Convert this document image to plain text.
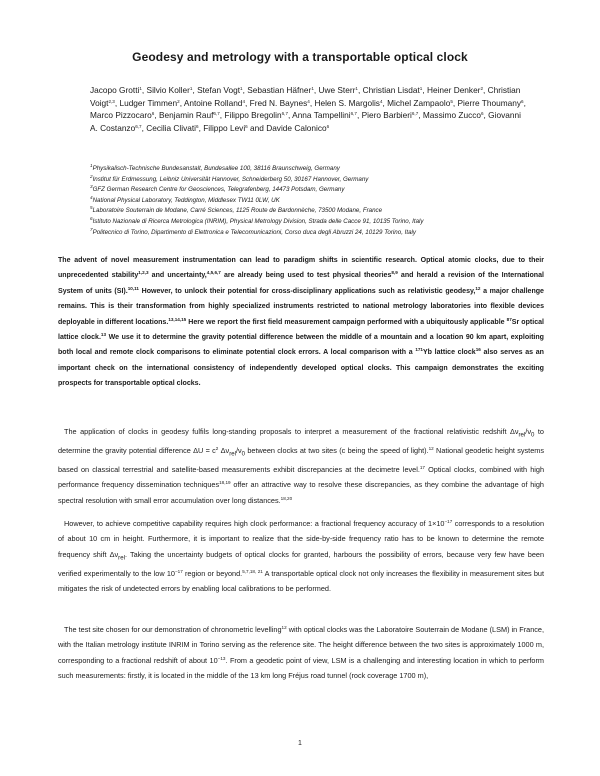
Geodesy and metrology with a transportable optical clock
Jacopo Grotti$^1$, Silvio Koller$^1$, Stefan Vogt$^1$, Sebastian Häfner$^1$, Uwe Sterr$^1$, Christian Lisdat$^1$, Heiner Denker$^2$, Christian Voigt$^{2,3}$, Ludger Timmen$^2$, Antoine Rolland$^4$, Fred N. Baynes$^4$, Helen S. Margolis$^4$, Michel Zampaolo$^5$, Pierre Thoumany$^6$, Marco Pizzocaro$^6$, Benjamin Rauf$^{6,7}$, Filippo Bregolin$^{6,7}$, Anna Tampellini$^{6,7}$, Piero Barbieri$^{6,7}$, Massimo Zucco$^6$, Giovanni A. Costanzo$^{6,7}$, Cecilia Clivati$^6$, Filippo Levi$^6$ and Davide Calonico$^6$
$^1$Physikalisch-Technische Bundesanstalt, Bundesallee 100, 38116 Braunschweig, Germany
$^2$Institut für Erdmessung, Leibniz Universität Hannover, Schneiderberg 50, 30167 Hannover, Germany
$^3$GFZ German Research Centre for Geosciences, Telegrafenberg, 14473 Potsdam, Germany
$^4$National Physical Laboratory, Teddington, Middlesex TW11 0LW, UK
$^5$Laboratoire Souterrain de Modane, Carré Sciences, 1125 Route de Bardonnèche, 73500 Modane, France
$^6$Istituto Nazionale di Ricerca Metrologica (INRIM), Physical Metrology Division, Strada delle Cacce 91, 10135 Torino, Italy
$^7$Politecnico di Torino, Dipartimento di Elettronica e Telecomunicazioni, Corso duca degli Abruzzi 24, 10129 Torino, Italy
The advent of novel measurement instrumentation can lead to paradigm shifts in scientific research. Optical atomic clocks, due to their unprecedented stability$^{1,2,3}$ and uncertainty,$^{4,5,6,7}$ are already being used to test physical theories$^{8,9}$ and herald a revision of the International System of units (SI).$^{10,11}$ However, to unlock their potential for cross-disciplinary applications such as relativistic geodesy,$^{12}$ a major challenge remains. This is their transformation from highly specialized instruments restricted to national metrology laboratories into flexible devices deployable in different locations.$^{13,14,15}$ Here we report the first field measurement campaign performed with a ubiquitously applicable $^{87}$Sr optical lattice clock.$^{13}$ We use it to determine the gravity potential difference between the middle of a mountain and a location 90 km apart, exploiting both local and remote clock comparisons to eliminate potential clock errors. A local comparison with a $^{171}$Yb lattice clock$^{16}$ also serves as an important check on the international consistency of independently developed optical clocks. This campaign demonstrates the exciting prospects for transportable optical clocks.
The application of clocks in geodesy fulfils long-standing proposals to interpret a measurement of the fractional relativistic redshift $\Delta\nu_{rel}/\nu_0$ to determine the gravity potential difference $\Delta U = c^2$ $\Delta\nu_{rel}/\nu_0$ between clocks at two sites (c being the speed of light).$^{12}$ National geodetic height systems based on classical terrestrial and satellite-based measurements exhibit discrepancies at the decimetre level.$^{17}$ Optical clocks, combined with high performance frequency dissemination techniques$^{18,19}$ offer an attractive way to resolve these discrepancies, as they combine the advantage of high spectral resolution with small error accumulation over long distances.$^{18,20}$
However, to achieve competitive capability requires high clock performance: a fractional frequency accuracy of $1\times 10^{-17}$ corresponds to a resolution of about 10 cm in height. Furthermore, it is important to realize that the side-by-side frequency ratio has to be known to determine the remote frequency shift $\Delta\nu_{rel}$. Taking the uncertainty budgets of optical clocks for granted, harbours the possibility of errors, because very few have been verified experimentally to the low $10^{-17}$ region or beyond.$^{5,7,18, 21}$ A transportable optical clock not only increases the flexibility in measurement sites but mitigates the risk of undetected errors by enabling local calibrations to be performed.
The test site chosen for our demonstration of chronometric levelling$^{12}$ with optical clocks was the Laboratoire Souterrain de Modane (LSM) in France, with the Italian metrology institute INRIM in Torino serving as the reference site. The height difference between the two sites is approximately 1000 m, corresponding to a fractional redshift of about $10^{-13}$. From a geodetic point of view, LSM is a challenging and interesting location in which to perform such measurements: firstly, it is located in the middle of the 13 km long Fréjus road tunnel (rock coverage 1700 m),
1
